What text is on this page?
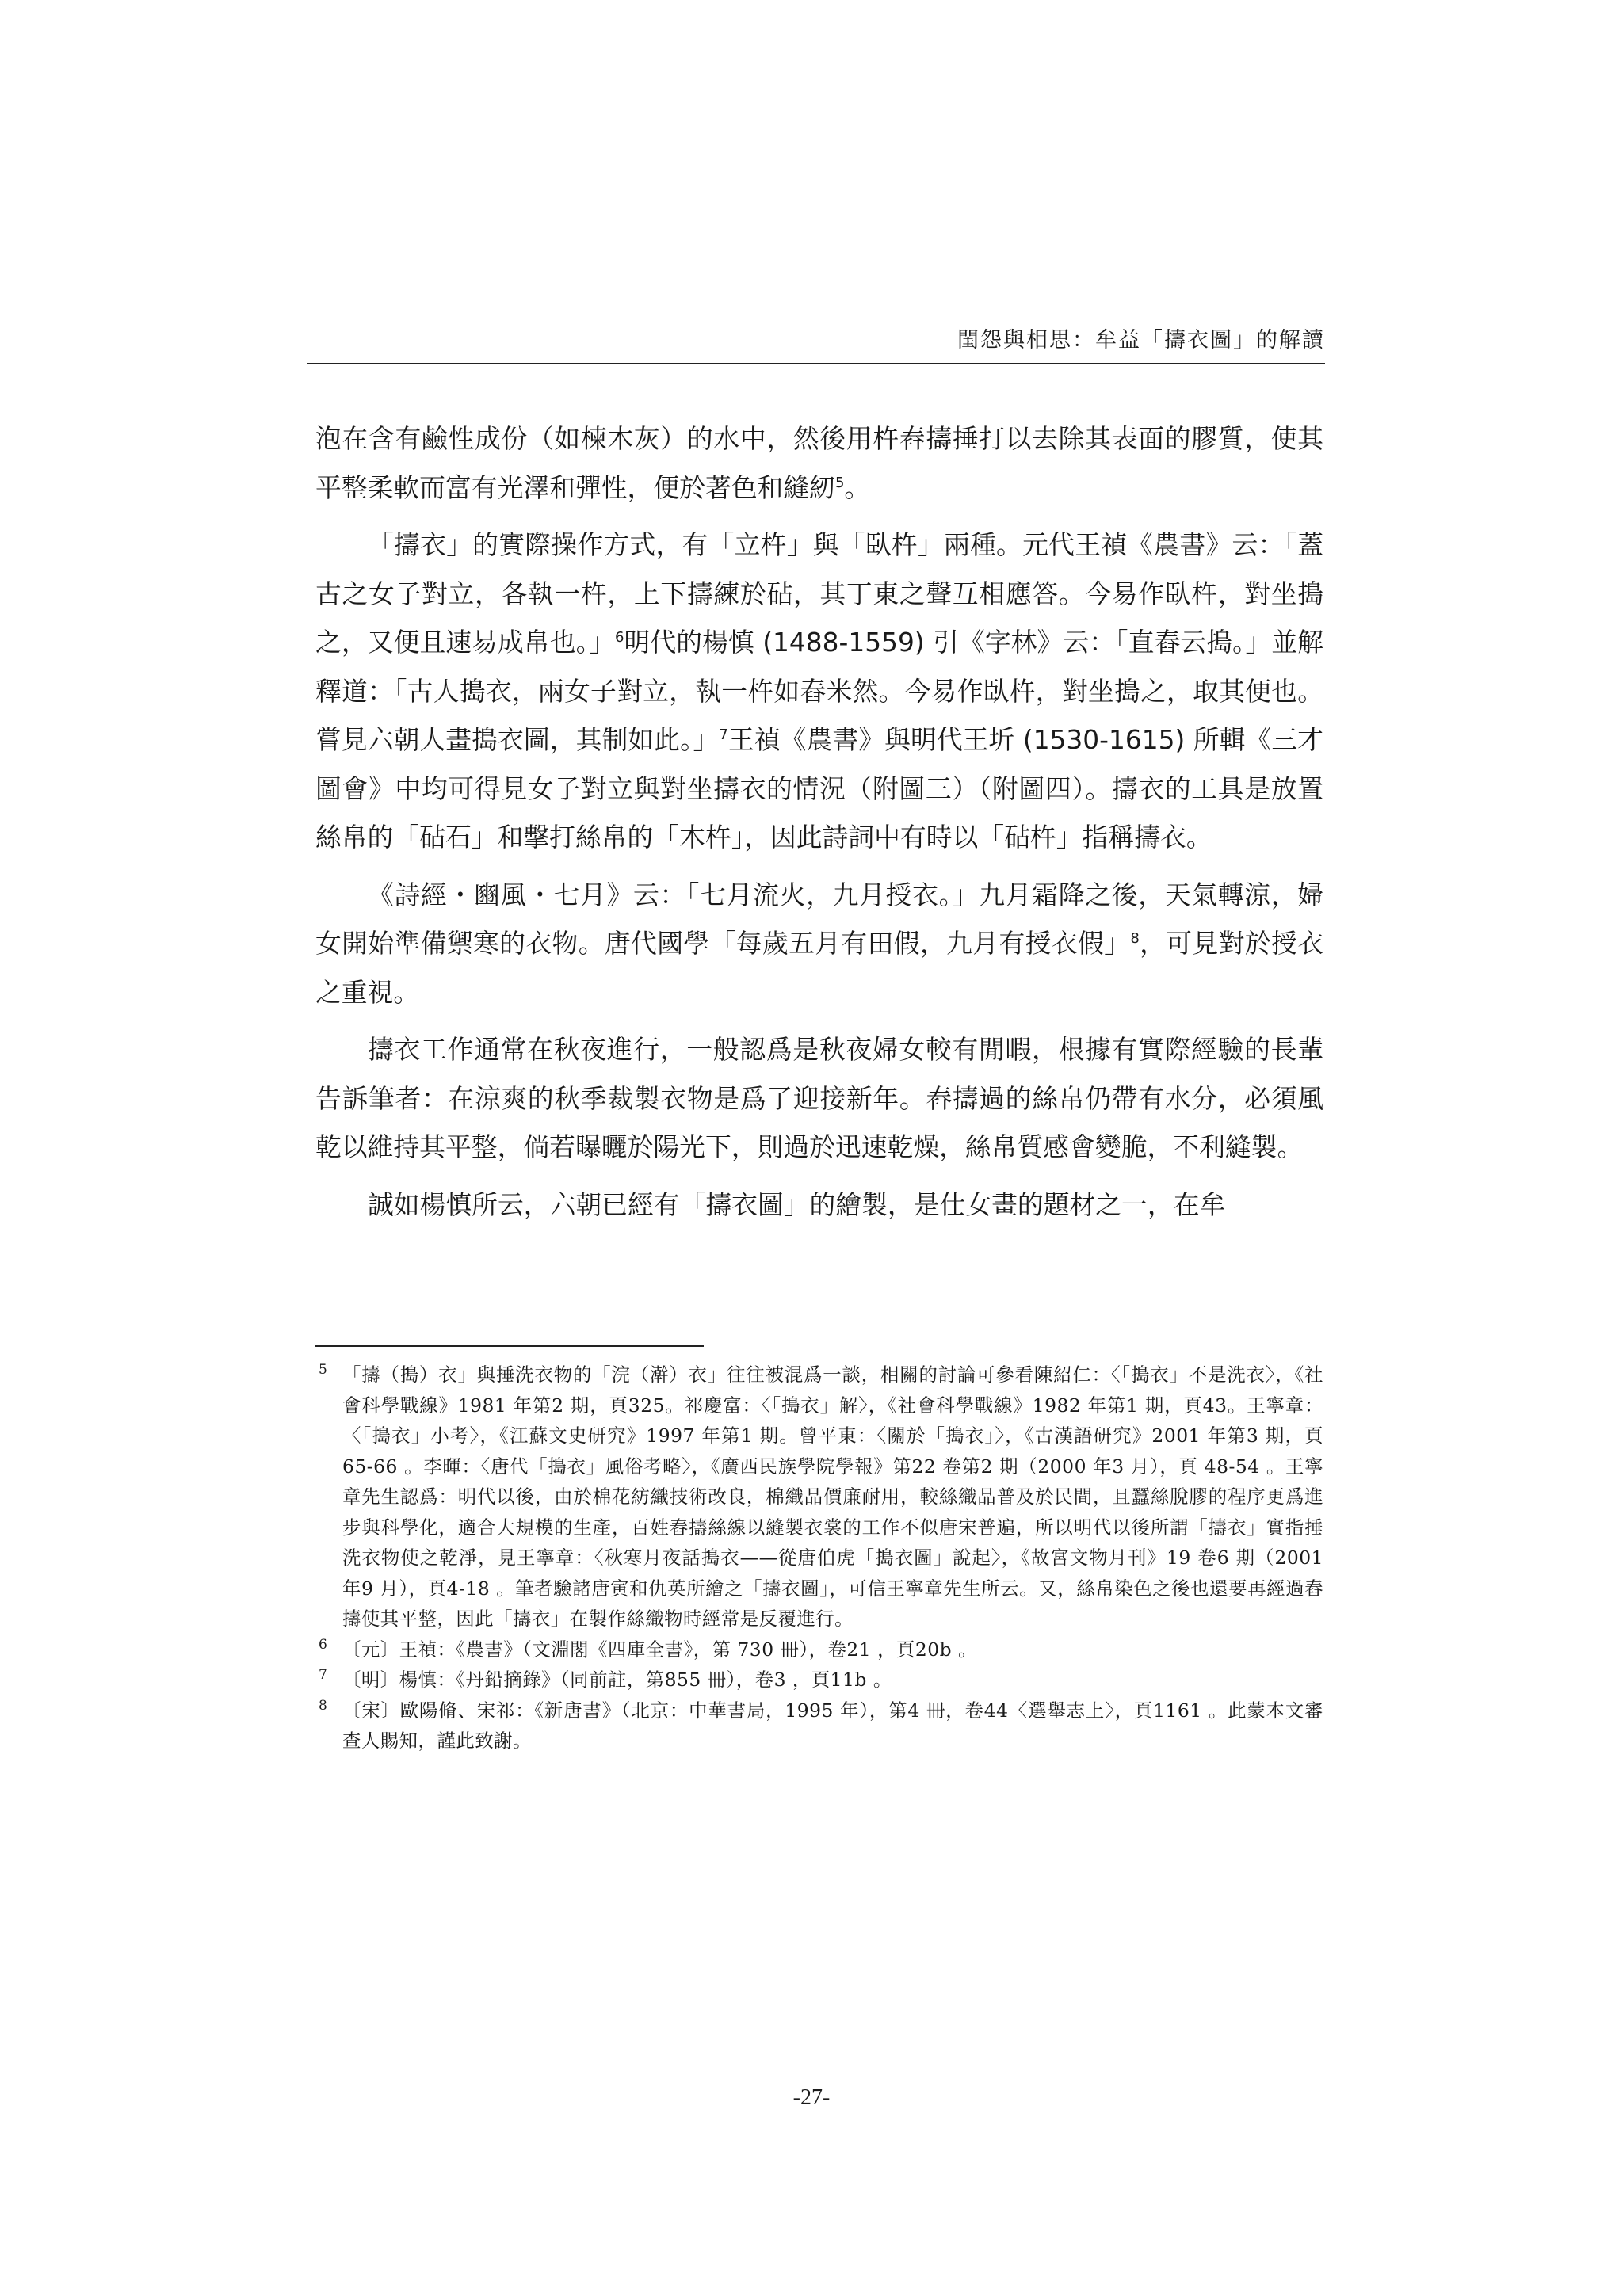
閨怨與相思：牟益「擣衣圖」的解讀

泡在含有鹼性成份（如楝木灰）的水中，然後用杵舂擣捶打以去除其表面的膠質，使其平整柔軟而富有光澤和彈性，便於著色和縫紉$^5$。

「擣衣」的實際操作方式，有「立杵」與「臥杵」兩種。元代王禎《農書》云：「蓋古之女子對立，各執一杵，上下擣練於砧，其丁東之聲互相應答。今易作臥杵，對坐搗之，又便且速易成帛也。」$^6$明代的楊慎 (1488-1559) 引《字林》云：「直舂云搗。」並解釋道：「古人搗衣，兩女子對立，執一杵如舂米然。今易作臥杵，對坐搗之，取其便也。嘗見六朝人畫搗衣圖，其制如此。」$^7$王禎《農書》與明代王圻 (1530-1615) 所輯《三才圖會》中均可得見女子對立與對坐擣衣的情況（附圖三）（附圖四）。擣衣的工具是放置絲帛的「砧石」和擊打絲帛的「木杵」，因此詩詞中有時以「砧杵」指稱擣衣。

《詩經・豳風・七月》云：「七月流火，九月授衣。」九月霜降之後，天氣轉涼，婦女開始準備禦寒的衣物。唐代國學「每歲五月有田假，九月有授衣假」$^8$，可見對於授衣之重視。

擣衣工作通常在秋夜進行，一般認爲是秋夜婦女較有閒暇，根據有實際經驗的長輩告訴筆者：在涼爽的秋季裁製衣物是爲了迎接新年。舂擣過的絲帛仍帶有水分，必須風乾以維持其平整，倘若曝曬於陽光下，則過於迅速乾燥，絲帛質感會變脆，不利縫製。

誠如楊慎所云，六朝已經有「擣衣圖」的繪製，是仕女畫的題材之一，在牟

5 「擣（搗）衣」與捶洗衣物的「浣（澣）衣」往往被混爲一談，相關的討論可參看陳紹仁：〈「搗衣」不是洗衣〉，《社會科學戰線》1981 年第2 期，頁325。祁慶富：〈「搗衣」解〉，《社會科學戰線》1982 年第1 期，頁43。王寧章：〈「搗衣」小考〉，《江蘇文史研究》1997 年第1 期。曾平東：〈關於「搗衣」〉，《古漢語研究》2001 年第3 期，頁65-66 。李暉：〈唐代「搗衣」風俗考略〉，《廣西民族學院學報》第22 卷第2 期（2000 年3 月），頁 48-54 。王寧章先生認爲：明代以後，由於棉花紡織技術改良，棉織品價廉耐用，較絲織品普及於民間，且蠶絲脫膠的程序更爲進步與科學化，適合大規模的生產，百姓舂擣絲線以縫製衣裳的工作不似唐宋普遍，所以明代以後所謂「擣衣」實指捶洗衣物使之乾淨，見王寧章：〈秋寒月夜話搗衣——從唐伯虎「搗衣圖」說起〉，《故宮文物月刊》19 卷6 期（2001 年9 月），頁4-18 。筆者驗諸唐寅和仇英所繪之「擣衣圖」，可信王寧章先生所云。又，絲帛染色之後也還要再經過舂擣使其平整，因此「擣衣」在製作絲織物時經常是反覆進行。
6 〔元〕王禎：《農書》（文淵閣《四庫全書》，第 730 冊），卷21 ，頁20b 。
7 〔明〕楊慎：《丹鉛摘錄》（同前註，第855 冊），卷3 ，頁11b 。
8 〔宋〕歐陽脩、宋祁：《新唐書》（北京：中華書局，1995 年），第4 冊，卷44〈選舉志上〉，頁1161 。此蒙本文審查人賜知，謹此致謝。
-27-
